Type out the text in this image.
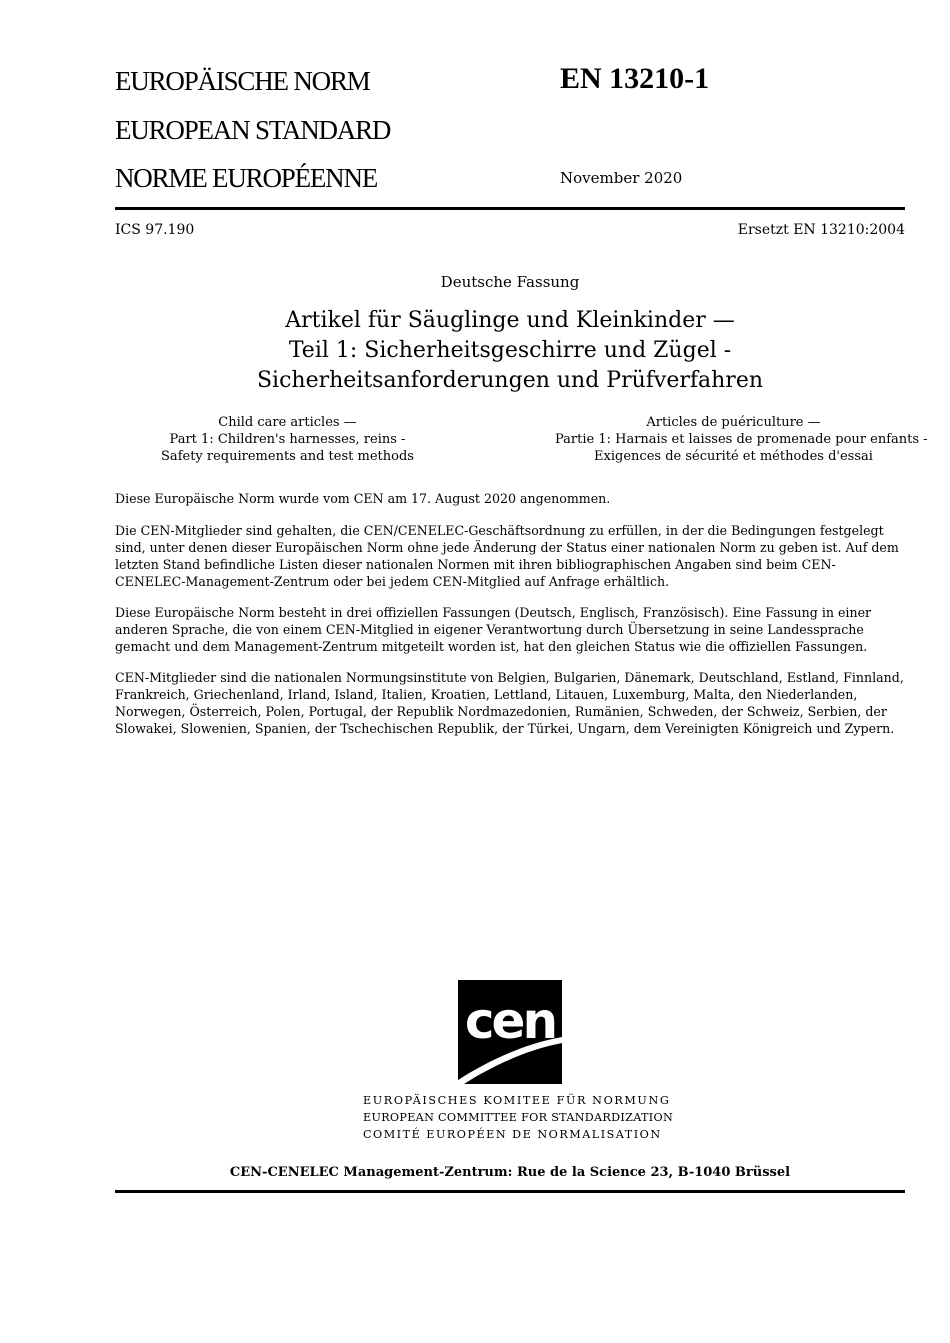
EUROPÄISCHE NORM
EUROPEAN STANDARD
NORME EUROPÉENNE
EN 13210-1
November 2020
ICS 97.190	Ersetzt EN 13210:2004
Deutsche Fassung
Artikel für Säuglinge und Kleinkinder —
Teil 1: Sicherheitsgeschirre und Zügel -
Sicherheitsanforderungen und Prüfverfahren
Child care articles —
Part 1: Children's harnesses, reins -
Safety requirements and test methods
Articles de puériculture —
Partie 1: Harnais et laisses de promenade pour enfants -
Exigences de sécurité et méthodes d'essai
Diese Europäische Norm wurde vom CEN am 17. August 2020 angenommen.
Die CEN-Mitglieder sind gehalten, die CEN/CENELEC-Geschäftsordnung zu erfüllen, in der die Bedingungen festgelegt sind, unter denen dieser Europäischen Norm ohne jede Änderung der Status einer nationalen Norm zu geben ist. Auf dem letzten Stand befindliche Listen dieser nationalen Normen mit ihren bibliographischen Angaben sind beim CEN-CENELEC-Management-Zentrum oder bei jedem CEN-Mitglied auf Anfrage erhältlich.
Diese Europäische Norm besteht in drei offiziellen Fassungen (Deutsch, Englisch, Französisch). Eine Fassung in einer anderen Sprache, die von einem CEN-Mitglied in eigener Verantwortung durch Übersetzung in seine Landessprache gemacht und dem Management-Zentrum mitgeteilt worden ist, hat den gleichen Status wie die offiziellen Fassungen.
CEN-Mitglieder sind die nationalen Normungsinstitute von Belgien, Bulgarien, Dänemark, Deutschland, Estland, Finnland, Frankreich, Griechenland, Irland, Island, Italien, Kroatien, Lettland, Litauen, Luxemburg, Malta, den Niederlanden, Norwegen, Österreich, Polen, Portugal, der Republik Nordmazedonien, Rumänien, Schweden, der Schweiz, Serbien, der Slowakei, Slowenien, Spanien, der Tschechischen Republik, der Türkei, Ungarn, dem Vereinigten Königreich und Zypern.
cen
EUROPÄISCHES KOMITEE FÜR NORMUNG
EUROPEAN COMMITTEE FOR STANDARDIZATION
COMITÉ EUROPÉEN DE NORMALISATION
CEN-CENELEC Management-Zentrum: Rue de la Science 23, B-1040 Brüssel
